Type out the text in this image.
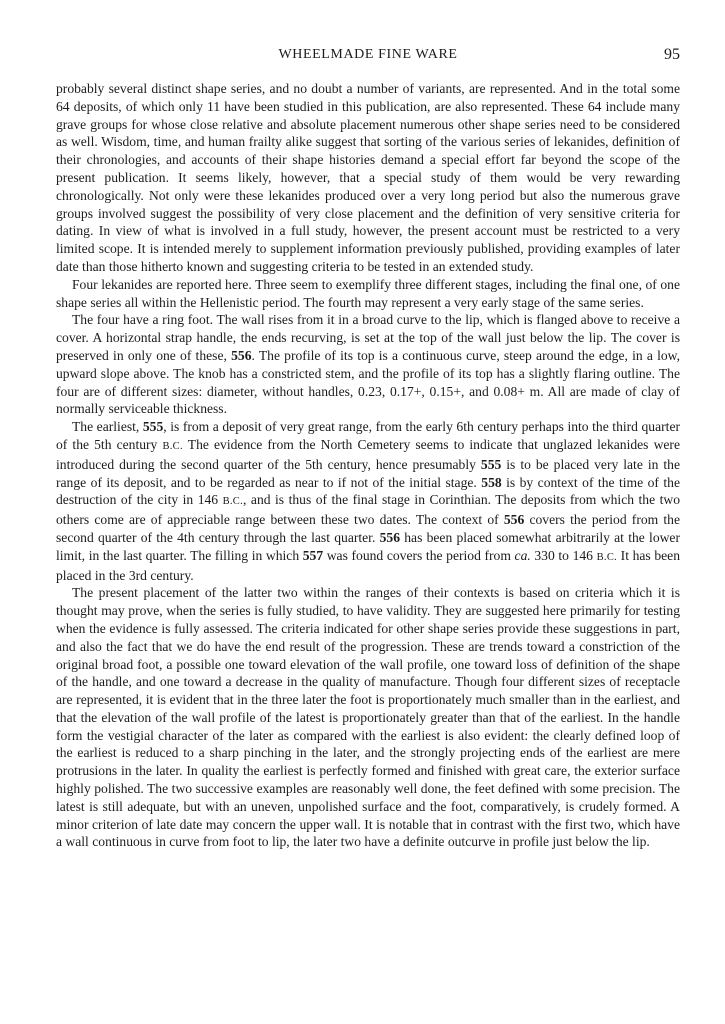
WHEELMADE FINE WARE	95

probably several distinct shape series, and no doubt a number of variants, are represented. And in the total some 64 deposits, of which only 11 have been studied in this publication, are also represented. These 64 include many grave groups for whose close relative and absolute placement numerous other shape series need to be considered as well. Wisdom, time, and human frailty alike suggest that sorting of the various series of lekanides, definition of their chronologies, and accounts of their shape histories demand a special effort far beyond the scope of the present publication. It seems likely, however, that a special study of them would be very rewarding chronologically. Not only were these lekanides produced over a very long period but also the numerous grave groups involved suggest the possibility of very close placement and the definition of very sensitive criteria for dating. In view of what is involved in a full study, however, the present account must be restricted to a very limited scope. It is intended merely to supplement information previously published, providing examples of later date than those hitherto known and suggesting criteria to be tested in an extended study.

Four lekanides are reported here. Three seem to exemplify three different stages, including the final one, of one shape series all within the Hellenistic period. The fourth may represent a very early stage of the same series.

The four have a ring foot. The wall rises from it in a broad curve to the lip, which is flanged above to receive a cover. A horizontal strap handle, the ends recurving, is set at the top of the wall just below the lip. The cover is preserved in only one of these, 556. The profile of its top is a continuous curve, steep around the edge, in a low, upward slope above. The knob has a constricted stem, and the profile of its top has a slightly flaring outline. The four are of different sizes: diameter, without handles, 0.23, 0.17+, 0.15+, and 0.08+ m. All are made of clay of normally serviceable thickness.

The earliest, 555, is from a deposit of very great range, from the early 6th century perhaps into the third quarter of the 5th century B.C. The evidence from the North Cemetery seems to indicate that unglazed lekanides were introduced during the second quarter of the 5th century, hence presumably 555 is to be placed very late in the range of its deposit, and to be regarded as near to if not of the initial stage. 558 is by context of the time of the destruction of the city in 146 B.C., and is thus of the final stage in Corinthian. The deposits from which the two others come are of appreciable range between these two dates. The context of 556 covers the period from the second quarter of the 4th century through the last quarter. 556 has been placed somewhat arbitrarily at the lower limit, in the last quarter. The filling in which 557 was found covers the period from ca. 330 to 146 B.C. It has been placed in the 3rd century.

The present placement of the latter two within the ranges of their contexts is based on criteria which it is thought may prove, when the series is fully studied, to have validity. They are suggested here primarily for testing when the evidence is fully assessed. The criteria indicated for other shape series provide these suggestions in part, and also the fact that we do have the end result of the progression. These are trends toward a constriction of the original broad foot, a possible one toward elevation of the wall profile, one toward loss of definition of the shape of the handle, and one toward a decrease in the quality of manufacture. Though four different sizes of receptacle are represented, it is evident that in the three later the foot is proportionately much smaller than in the earliest, and that the elevation of the wall profile of the latest is proportionately greater than that of the earliest. In the handle form the vestigial character of the later as compared with the earliest is also evident: the clearly defined loop of the earliest is reduced to a sharp pinching in the later, and the strongly projecting ends of the earliest are mere protrusions in the later. In quality the earliest is perfectly formed and finished with great care, the exterior surface highly polished. The two successive examples are reasonably well done, the feet defined with some precision. The latest is still adequate, but with an uneven, unpolished surface and the foot, comparatively, is crudely formed. A minor criterion of late date may concern the upper wall. It is notable that in contrast with the first two, which have a wall continuous in curve from foot to lip, the later two have a definite outcurve in profile just below the lip.
